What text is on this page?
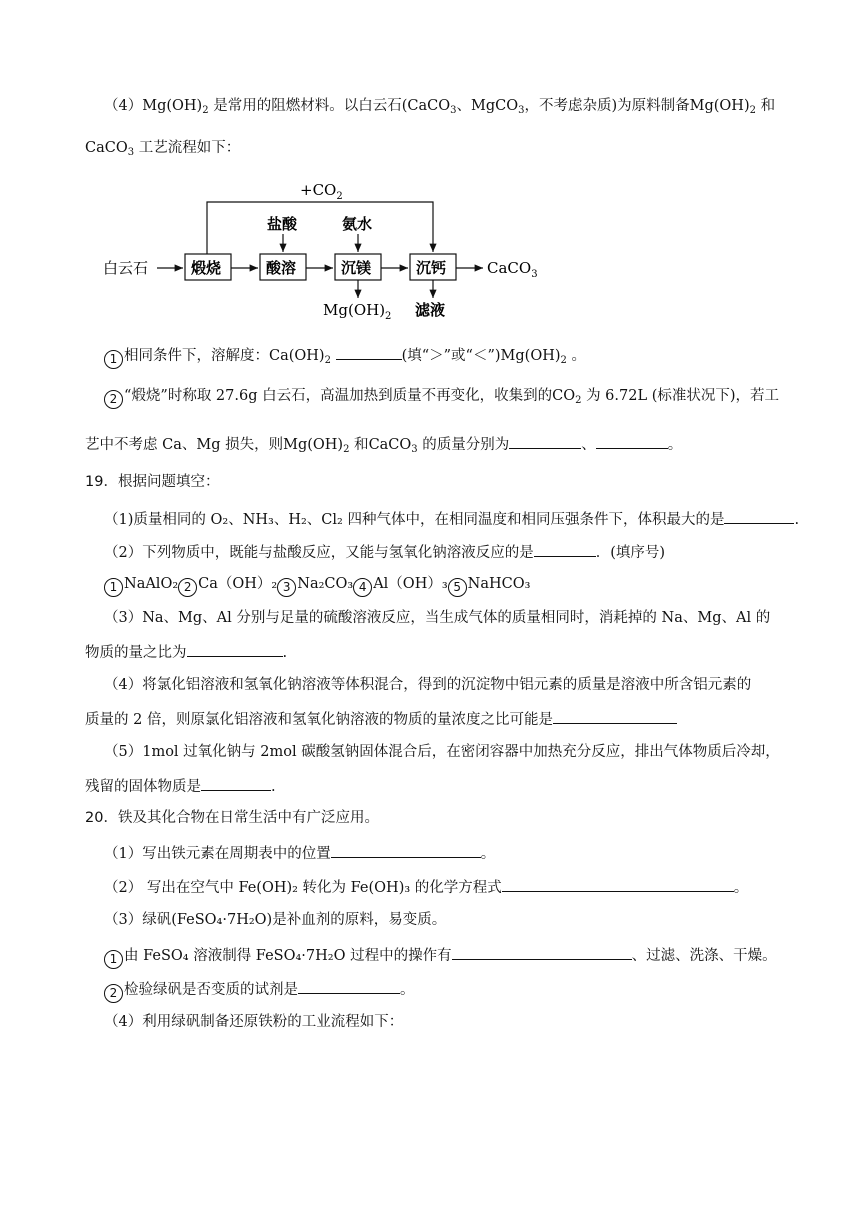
$(4)Mg(OH)_2$ 是常用的阻燃材料。以白云石(CaCO$_3$、MgCO$_3$，不考虑杂质)为原料制备$Mg(OH)_2$ 和
CaCO$_3$ 工艺流程如下：
$+CO_2$
盐酸	氨水
白云石	煅烧	酸溶	沉镁	沉钙	CaCO$_3$
$Mg(OH)_2$ 滤液
1 相同条件下，溶解度：$Ca(OH)_2$	(填“＞”或“$<”)Mg(OH)_2$ 。
2 “煅烧”时称取 27.6g 白云石，高温加热到质量不再变化，收集到的$CO_2$ 为 6.72L (标准状况下)，若工
艺中不考虑 Ca、Mg 损失，则$Mg(OH)_2$ 和CaCO$_3$ 的质量分别为	、	。
19．根据问题填空：
（1)质量相同的 O₂、NH₃、H₂、Cl₂ 四种气体中，在相同温度和相同压强条件下，体积最大的是	.
（2）下列物质中，既能与盐酸反应，又能与氢氧化钠溶液反应的是	．(填序号)
1 NaAlO₂ 2 Ca（OH）₂ 3 Na₂CO₃ 4 Al（OH）₃ 5 NaHCO₃
（3）Na、Mg、Al 分别与足量的硫酸溶液反应，当生成气体的质量相同时，消耗掉的 Na、Mg、Al 的
物质的量之比为	.
（4）将氯化铝溶液和氢氧化钠溶液等体积混合，得到的沉淀物中铝元素的质量是溶液中所含铝元素的
质量的 2 倍，则原氯化铝溶液和氢氧化钠溶液的物质的量浓度之比可能是
（5）1mol 过氧化钠与 2mol 碳酸氢钠固体混合后，在密闭容器中加热充分反应，排出气体物质后冷却，
残留的固体物质是	.
20．铁及其化合物在日常生活中有广泛应用。
（1）写出铁元素在周期表中的位置	。
（2） 写出在空气中 Fe(OH)₂ 转化为 Fe(OH)₃ 的化学方程式	。
（3）绿矾(FeSO₄·7H₂O)是补血剂的原料，易变质。
1 由 FeSO₄ 溶液制得 FeSO₄·7H₂O 过程中的操作有	、过滤、洗涤、干燥。
2 检验绿矾是否变质的试剂是	。
（4）利用绿矾制备还原铁粉的工业流程如下：
